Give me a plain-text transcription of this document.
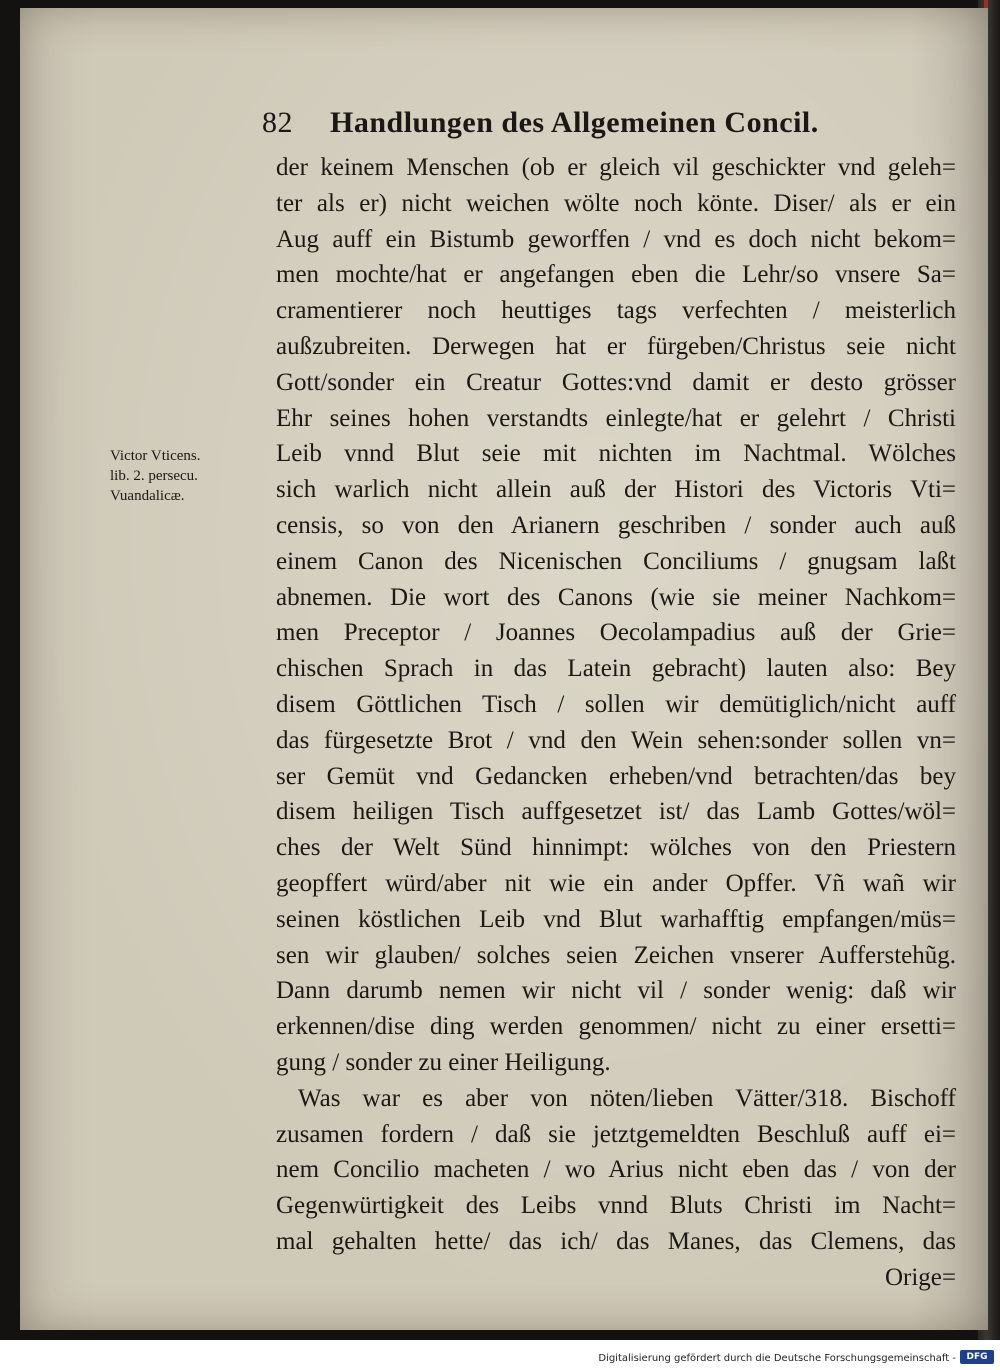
82 Handlungen des Allgemeinen Concil.
Victor Vticens.
lib. 2. persecu.
Vuandalicæ.
der keinem Menschen (ob er gleich vil geschickter vnd geleh=
ter als er) nicht weichen wölte noch könte. Diser/ als er ein
Aug auff ein Bistumb geworffen / vnd es doch nicht bekom=
men mochte/hat er angefangen eben die Lehr/so vnsere Sa=
cramentierer noch heuttiges tags verfechten / meisterlich
außzubreiten. Derwegen hat er fürgeben/Christus seie nicht
Gott/sonder ein Creatur Gottes:vnd damit er desto grösser
Ehr seines hohen verstandts einlegte/hat er gelehrt / Christi
Leib vnnd Blut seie mit nichten im Nachtmal. Wölches
sich warlich nicht allein auß der Histori des Victoris Vti=
censis, so von den Arianern geschriben / sonder auch auß
einem Canon des Nicenischen Conciliums / gnugsam laßt
abnemen. Die wort des Canons (wie sie meiner Nachkom=
men Preceptor / Joannes Oecolampadius auß der Grie=
chischen Sprach in das Latein gebracht) lauten also: Bey
disem Göttlichen Tisch / sollen wir demütiglich/nicht auff
das fürgesetzte Brot / vnd den Wein sehen:sonder sollen vn=
ser Gemüt vnd Gedancken erheben/vnd betrachten/das bey
disem heiligen Tisch auffgesetzet ist/ das Lamb Gottes/wöl=
ches der Welt Sünd hinnimpt: wölches von den Priestern
geopffert würd/aber nit wie ein ander Opffer. Vñ wañ wir
seinen köstlichen Leib vnd Blut warhafftig empfangen/müs=
sen wir glauben/ solches seien Zeichen vnserer Aufferstehũg.
Dann darumb nemen wir nicht vil / sonder wenig: daß wir
erkennen/dise ding werden genommen/ nicht zu einer ersetti=
gung / sonder zu einer Heiligung.
Was war es aber von nöten/lieben Vätter/318. Bischoff
zusamen fordern / daß sie jetztgemeldten Beschluß auff ei=
nem Concilio macheten / wo Arius nicht eben das / von der
Gegenwürtigkeit des Leibs vnnd Bluts Christi im Nacht=
mal gehalten hette/ das ich/ das Manes, das Clemens, das
Orige=
Digitalisierung gefördert durch die Deutsche Forschungsgemeinschaft -	DFG
